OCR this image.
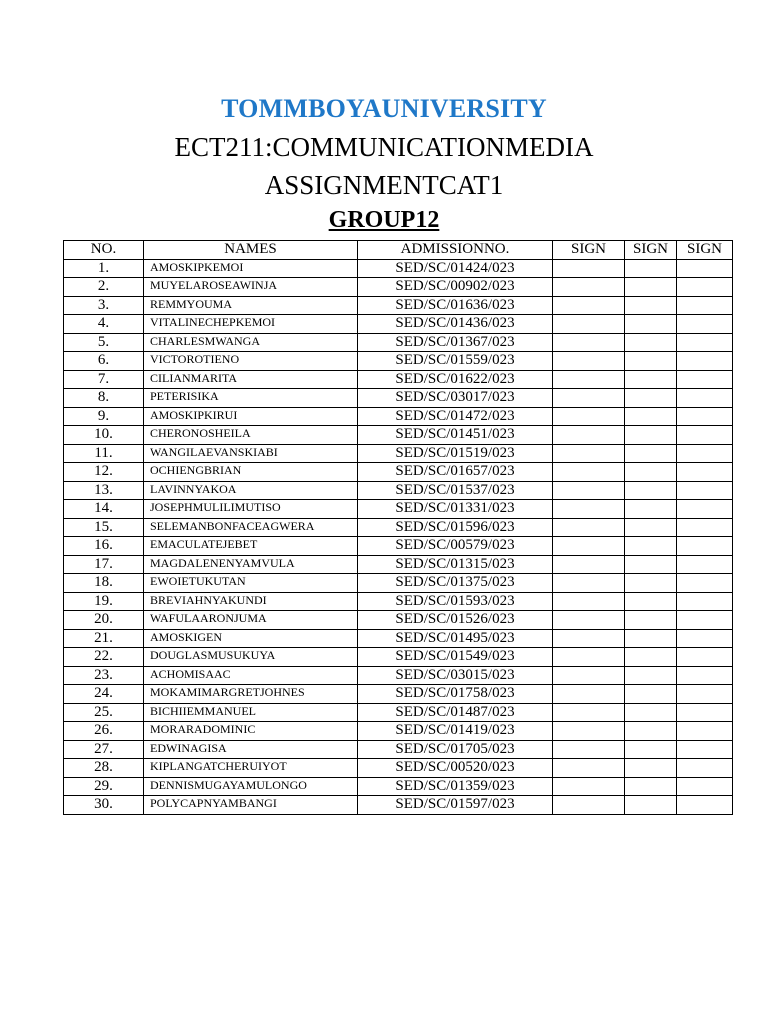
TOMMBOYAUNIVERSITY
ECT211:COMMUNICATIONMEDIA
ASSIGNMENTCAT1
GROUP12
NO.	NAMES	ADMISSIONNO.	SIGN	SIGN	SIGN
1.	AMOSKIPKEMOI	SED/SC/01424/023			
2.	MUYELAROSEAWINJA	SED/SC/00902/023			
3.	REMMYOUMA	SED/SC/01636/023			
4.	VITALINECHEPKEMOI	SED/SC/01436/023			
5.	CHARLESMWANGA	SED/SC/01367/023			
6.	VICTOROTIENO	SED/SC/01559/023			
7.	CILIANMARITA	SED/SC/01622/023			
8.	PETERISIKA	SED/SC/03017/023			
9.	AMOSKIPKIRUI	SED/SC/01472/023			
10.	CHERONOSHEILA	SED/SC/01451/023			
11.	WANGILAEVANSKIABI	SED/SC/01519/023			
12.	OCHIENGBRIAN	SED/SC/01657/023			
13.	LAVINNYAKOA	SED/SC/01537/023			
14.	JOSEPHMULILIMUTISO	SED/SC/01331/023			
15.	SELEMANBONFACEAGWERA	SED/SC/01596/023			
16.	EMACULATEJEBET	SED/SC/00579/023			
17.	MAGDALENENYAMVULA	SED/SC/01315/023			
18.	EWOIETUKUTAN	SED/SC/01375/023			
19.	BREVIAHNYAKUNDI	SED/SC/01593/023			
20.	WAFULAARONJUMA	SED/SC/01526/023			
21.	AMOSKIGEN	SED/SC/01495/023			
22.	DOUGLASMUSUKUYA	SED/SC/01549/023			
23.	ACHOMISAAC	SED/SC/03015/023			
24.	MOKAMIMARGRETJOHNES	SED/SC/01758/023			
25.	BICHIIEMMANUEL	SED/SC/01487/023			
26.	MORARADOMINIC	SED/SC/01419/023			
27.	EDWINAGISA	SED/SC/01705/023			
28.	KIPLANGATCHERUIYOT	SED/SC/00520/023			
29.	DENNISMUGAYAMULONGO	SED/SC/01359/023			
30.	POLYCAPNYAMBANGI	SED/SC/01597/023			
